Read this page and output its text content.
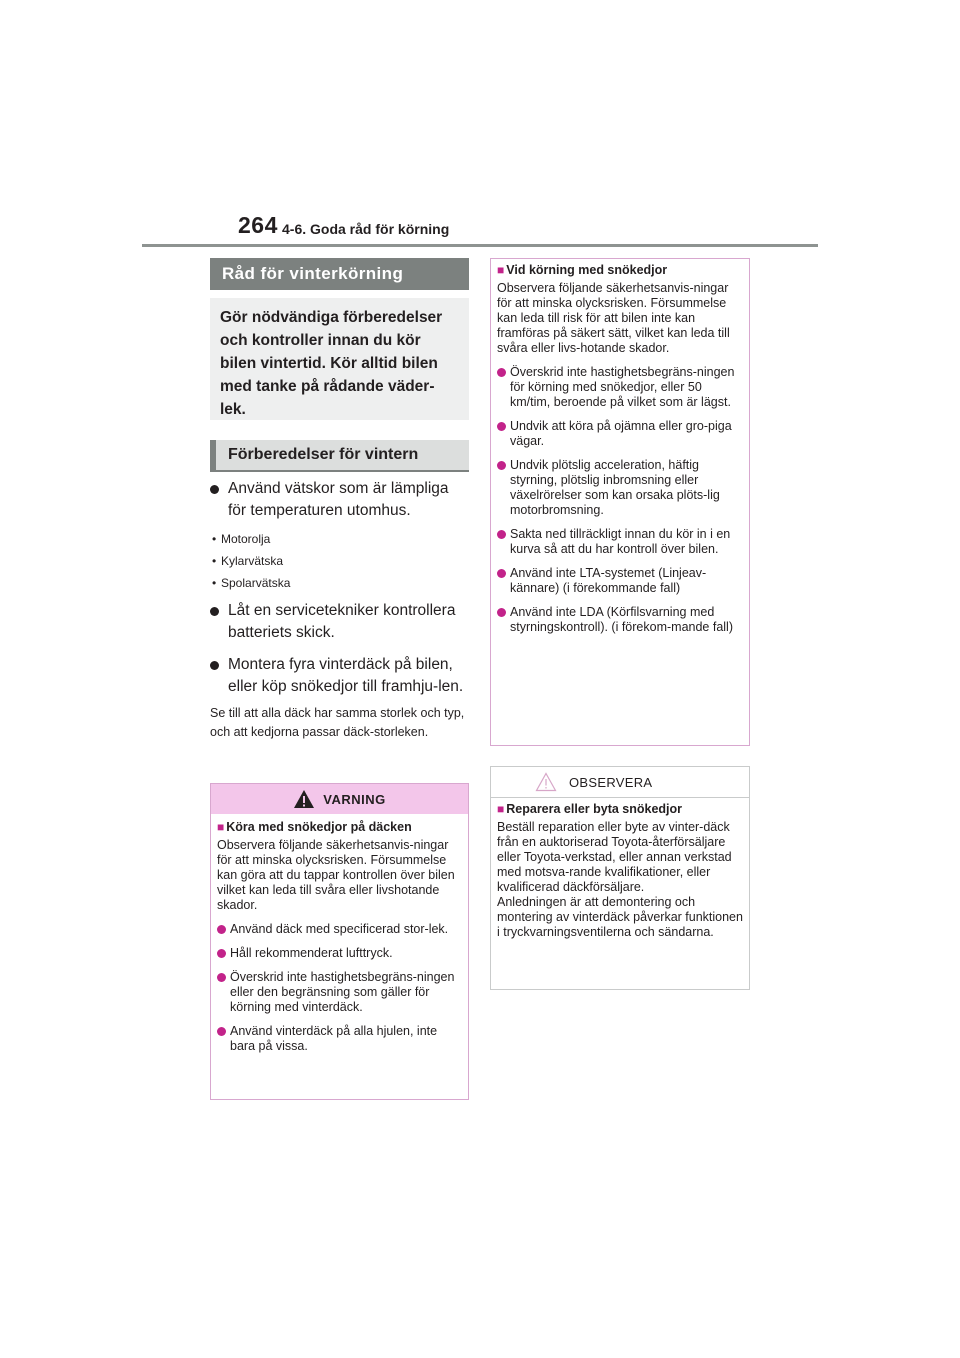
264 4-6. Goda råd för körning
Råd för vinterkörning
Gör nödvändiga förberedelser och kontroller innan du kör bilen vintertid. Kör alltid bilen med tanke på rådande väder-lek.
Förberedelser för vintern
Använd vätskor som är lämpliga för temperaturen utomhus.
• Motorolja
• Kylarvätska
• Spolarvätska
Låt en servicetekniker kontrollera batteriets skick.
Montera fyra vinterdäck på bilen, eller köp snökedjor till framhju-len.
Se till att alla däck har samma storlek och typ, och att kedjorna passar däck-storleken.
VARNING
■ Köra med snökedjor på däcken
Observera följande säkerhetsanvis-ningar för att minska olycksrisken. Försummelse kan göra att du tappar kontrollen över bilen vilket kan leda till svåra eller livshotande skador.
Använd däck med specificerad stor-lek.
Håll rekommenderat lufttryck.
Överskrid inte hastighetsbegräns-ningen eller den begränsning som gäller för körning med vinterdäck.
Använd vinterdäck på alla hjulen, inte bara på vissa.
■ Vid körning med snökedjor
Observera följande säkerhetsanvis-ningar för att minska olycksrisken. Försummelse kan leda till risk för att bilen inte kan framföras på säkert sätt, vilket kan leda till svåra eller livs-hotande skador.
Överskrid inte hastighetsbegräns-ningen för körning med snökedjor, eller 50 km/tim, beroende på vilket som är lägst.
Undvik att köra på ojämna eller gro-piga vägar.
Undvik plötslig acceleration, häftig styrning, plötslig inbromsning eller växelrörelser som kan orsaka plöts-lig motorbromsning.
Sakta ned tillräckligt innan du kör in i en kurva så att du har kontroll över bilen.
Använd inte LTA-systemet (Linjeav-kännare) (i förekommande fall)
Använd inte LDA (Körfilsvarning med styrningskontroll). (i förekom-mande fall)
OBSERVERA
■ Reparera eller byta snökedjor
Beställ reparation eller byte av vinter-däck från en auktoriserad Toyota-återförsäljare eller Toyota-verkstad, eller annan verkstad med motsva-rande kvalifikationer, eller kvalificerad däckförsäljare.
Anledningen är att demontering och montering av vinterdäck påverkar funktionen i tryckvarningsventilerna och sändarna.
